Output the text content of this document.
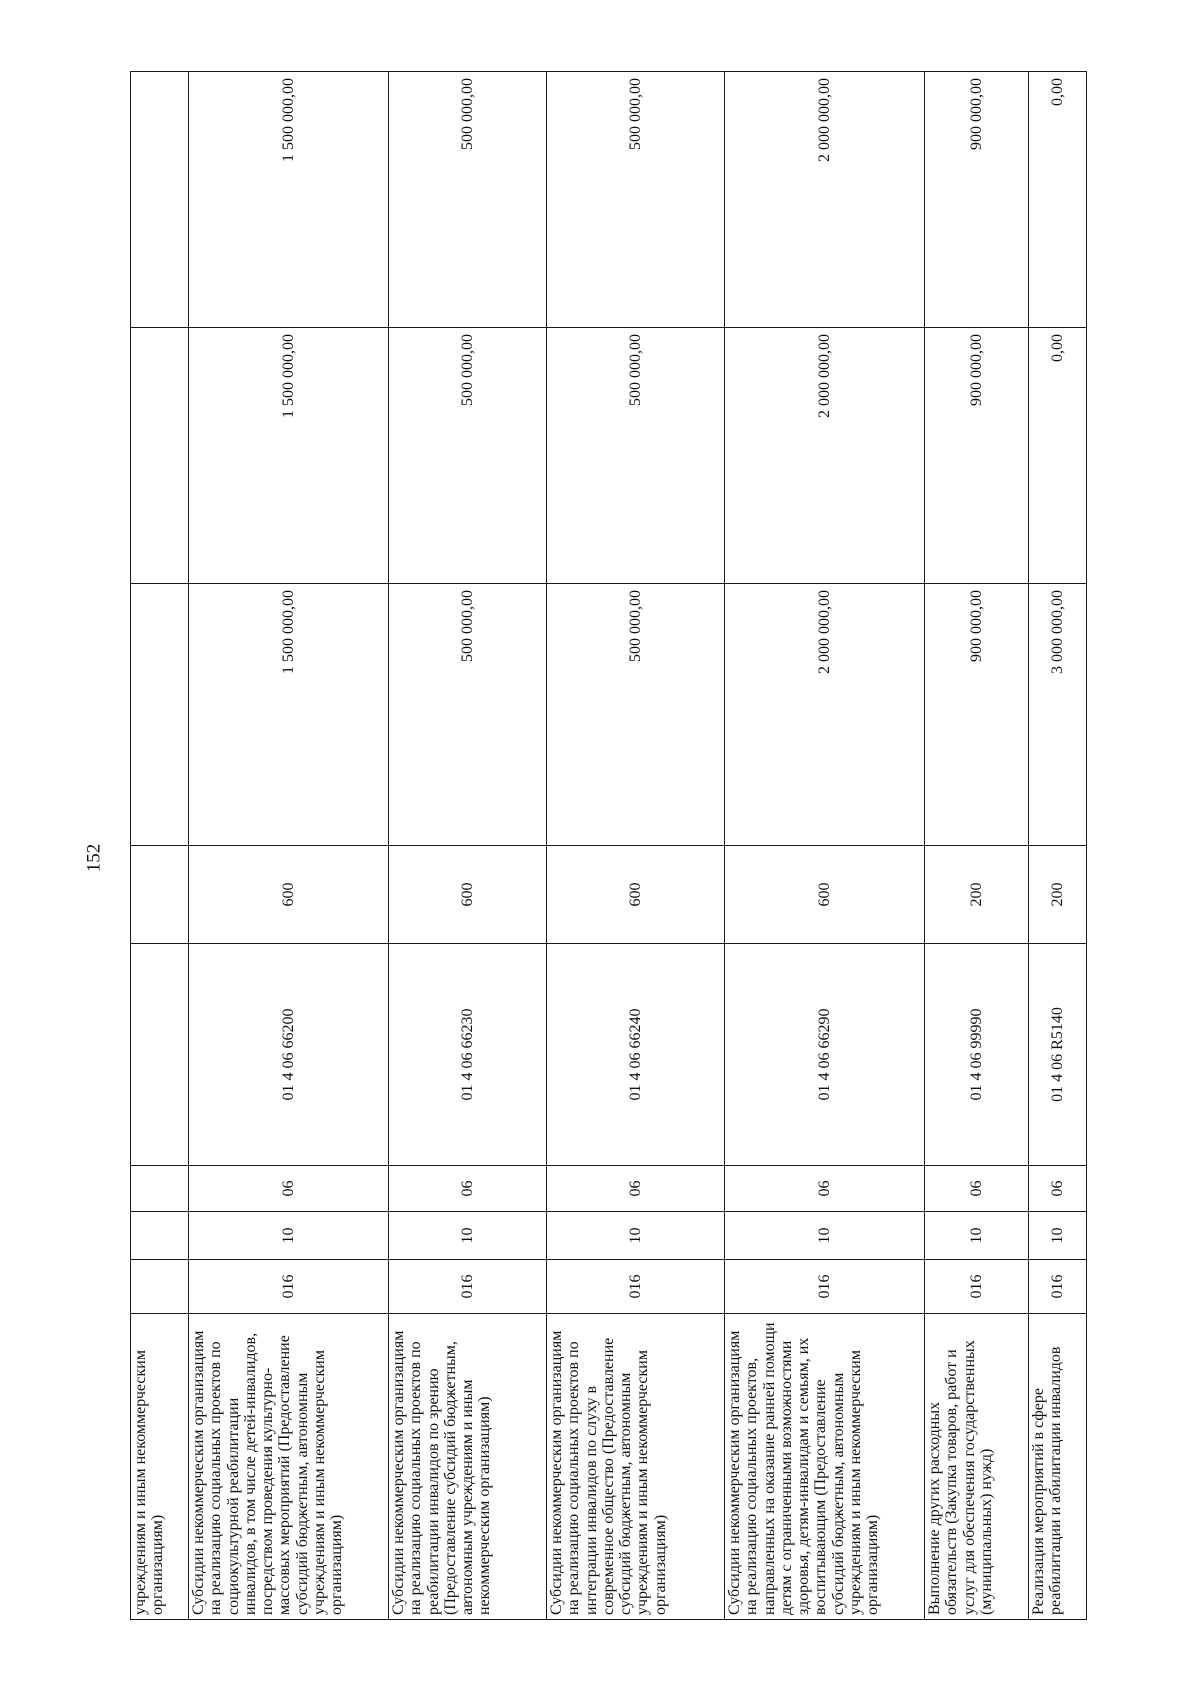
152
учреждениям и иным некоммерческим организациям)								
Субсидии некоммерческим организациям на реализацию социальных проектов по социокультурной реабилитации инвалидов, в том числе детей-инвалидов, посредством проведения культурно-массовых мероприятий (Предоставление субсидий бюджетным, автономным учреждениям и иным некоммерческим организациям)	016	10	06	01 4 06 66200	600	1 500 000,00	1 500 000,00	1 500 000,00
Субсидии некоммерческим организациям на реализацию социальных проектов по реабилитации инвалидов по зрению (Предоставление субсидий бюджетным, автономным учреждениям и иным некоммерческим организациям)	016	10	06	01 4 06 66230	600	500 000,00	500 000,00	500 000,00
Субсидии некоммерческим организациям на реализацию социальных проектов по интеграции инвалидов по слуху в современное общество (Предоставление субсидий бюджетным, автономным учреждениям и иным некоммерческим организациям)	016	10	06	01 4 06 66240	600	500 000,00	500 000,00	500 000,00
Субсидии некоммерческим организациям на реализацию социальных проектов, направленных на оказание ранней помощи детям с ограниченными возможностями здоровья, детям-инвалидам и семьям, их воспитывающим (Предоставление субсидий бюджетным, автономным учреждениям и иным некоммерческим организациям)	016	10	06	01 4 06 66290	600	2 000 000,00	2 000 000,00	2 000 000,00
Выполнение других расходных обязательств (Закупка товаров, работ и услуг для обеспечения государственных (муниципальных) нужд)	016	10	06	01 4 06 99990	200	900 000,00	900 000,00	900 000,00
Реализация мероприятий в сфере реабилитации и абилитации инвалидов	016	10	06	01 4 06 R5140	200	3 000 000,00	0,00	0,00
